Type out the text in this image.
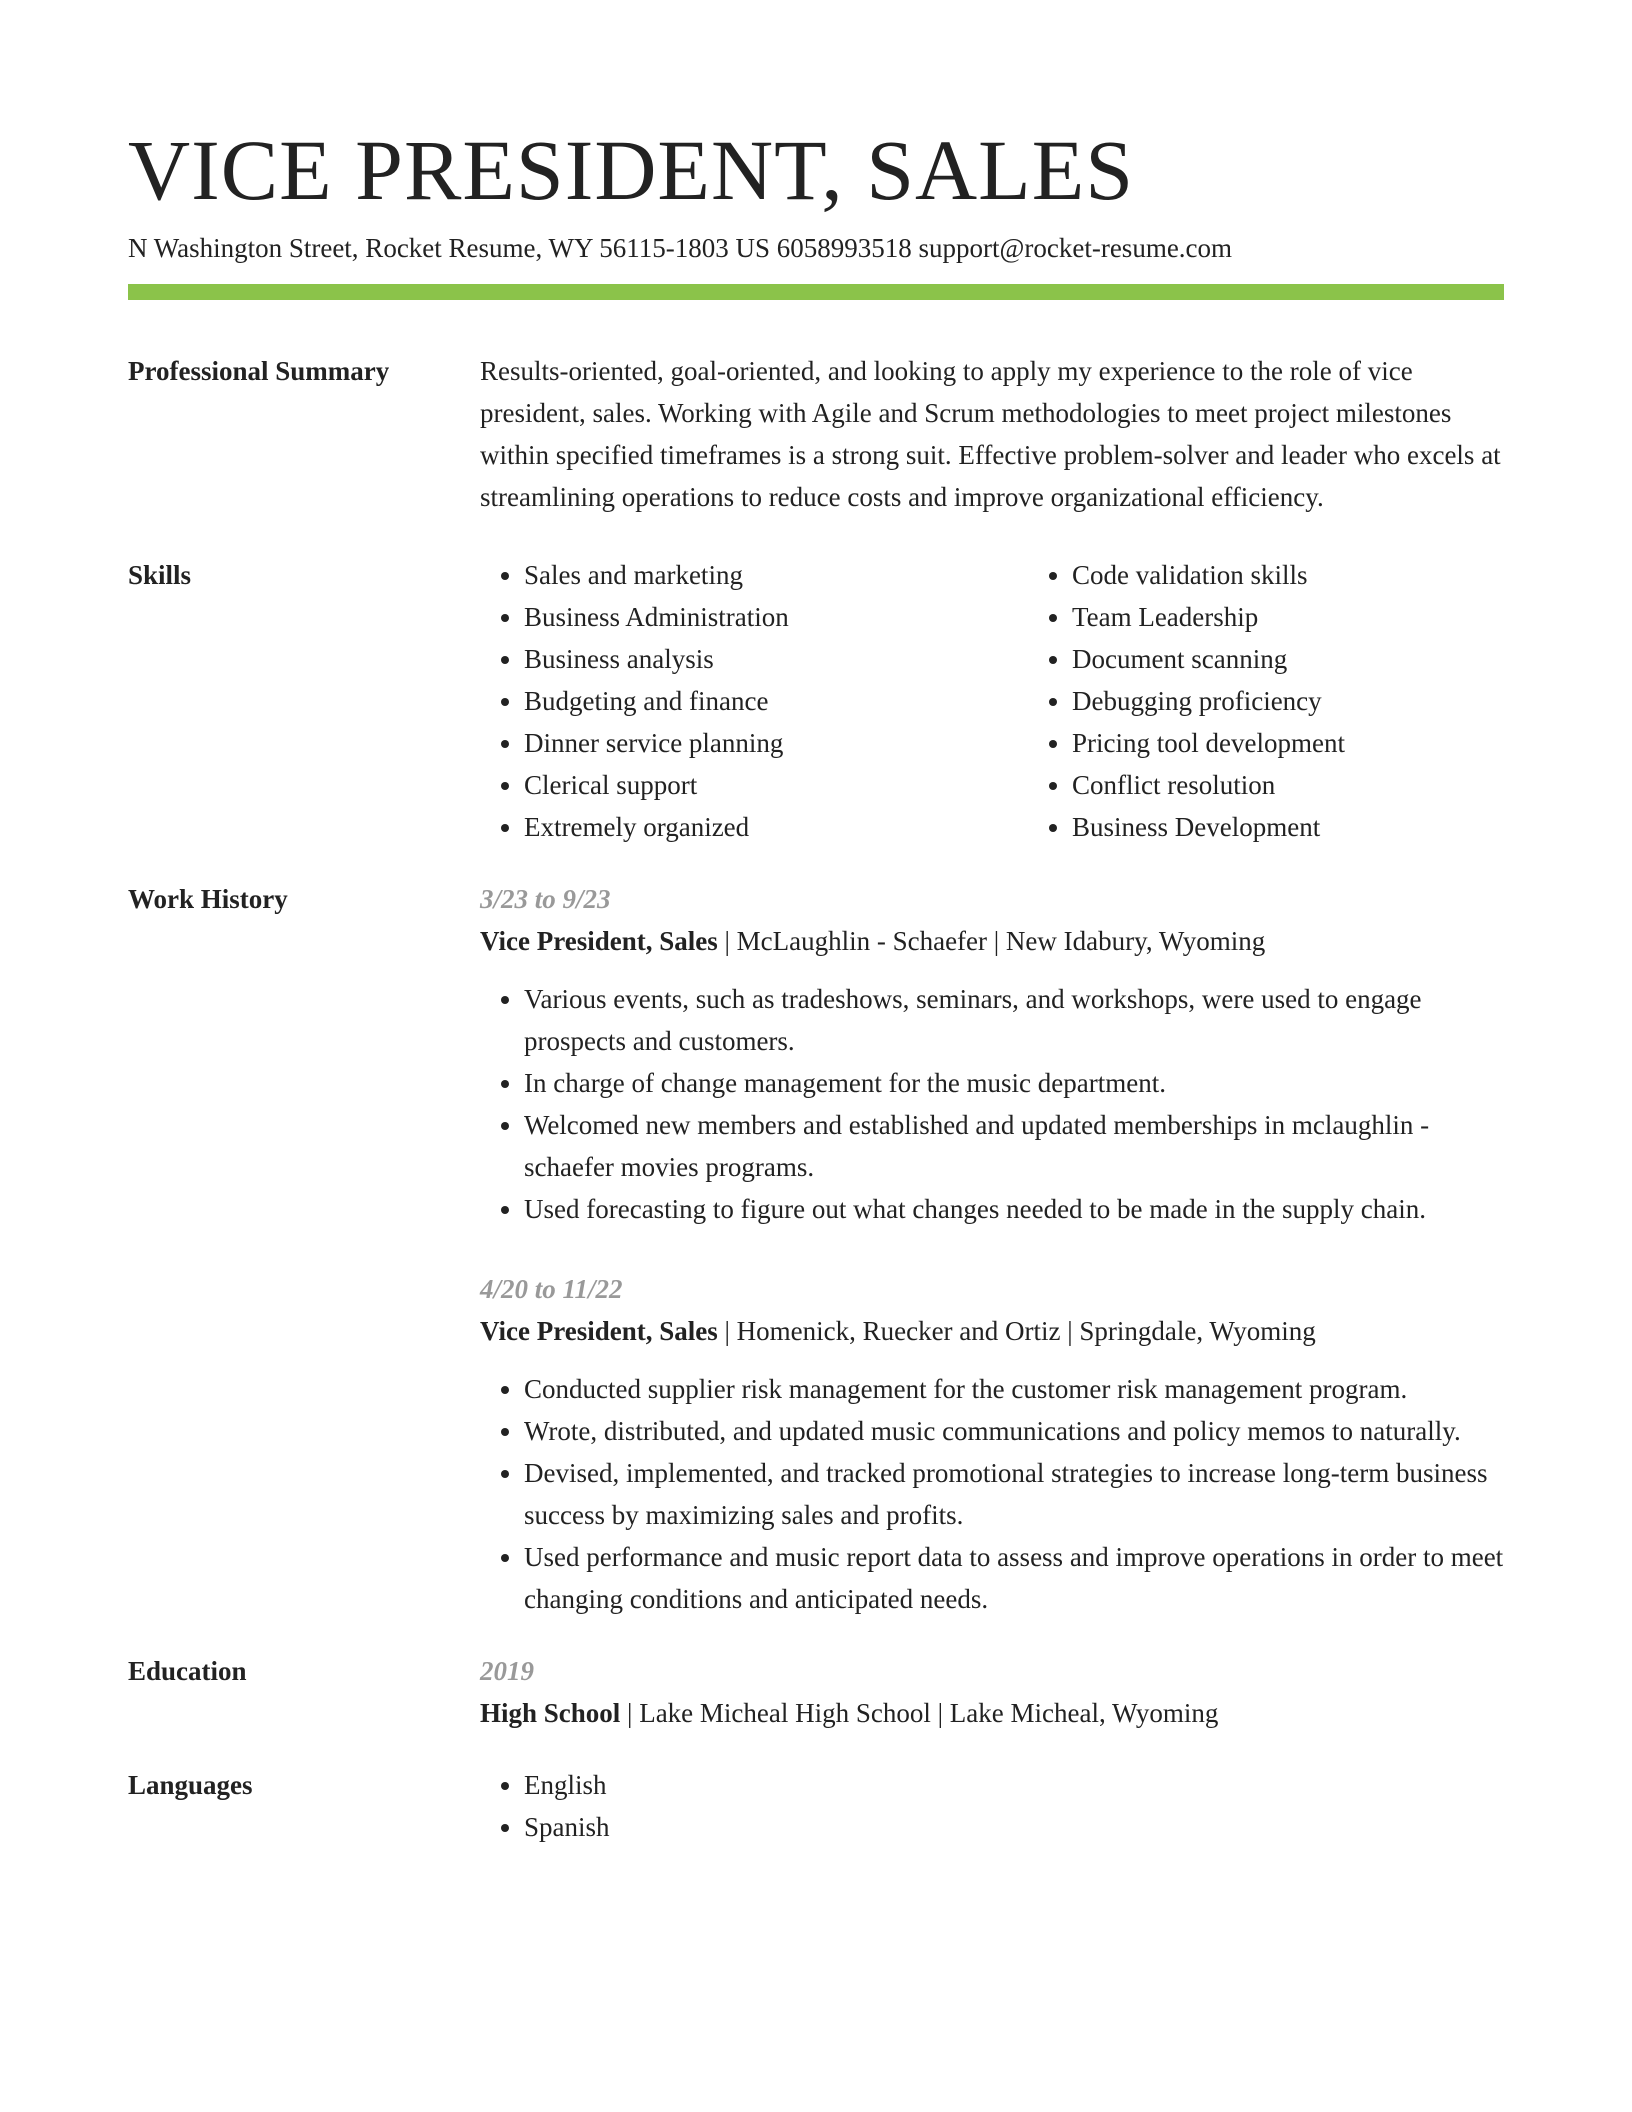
VICE PRESIDENT, SALES
N Washington Street, Rocket Resume, WY 56115-1803 US 6058993518 support@rocket-resume.com
Professional Summary	Results-oriented, goal-oriented, and looking to apply my experience to the role of vice president, sales. Working with Agile and Scrum methodologies to meet project milestones within specified timeframes is a strong suit. Effective problem-solver and leader who excels at streamlining operations to reduce costs and improve organizational efficiency.

Skills	• Sales and marketing
• Business Administration
• Business analysis
• Budgeting and finance
• Dinner service planning
• Clerical support
• Extremely organized
• Code validation skills
• Team Leadership
• Document scanning
• Debugging proficiency
• Pricing tool development
• Conflict resolution
• Business Development
Work History	3/23 to 9/23
Vice President, Sales | McLaughlin - Schaefer | New Idabury, Wyoming
• Various events, such as tradeshows, seminars, and workshops, were used to engage prospects and customers.
• In charge of change management for the music department.
• Welcomed new members and established and updated memberships in mclaughlin - schaefer movies programs.
• Used forecasting to figure out what changes needed to be made in the supply chain.
4/20 to 11/22
Vice President, Sales | Homenick, Ruecker and Ortiz | Springdale, Wyoming
• Conducted supplier risk management for the customer risk management program.
• Wrote, distributed, and updated music communications and policy memos to naturally.
• Devised, implemented, and tracked promotional strategies to increase long-term business success by maximizing sales and profits.
• Used performance and music report data to assess and improve operations in order to meet changing conditions and anticipated needs.
Education	2019
High School | Lake Micheal High School | Lake Micheal, Wyoming
Languages	• English
• Spanish
